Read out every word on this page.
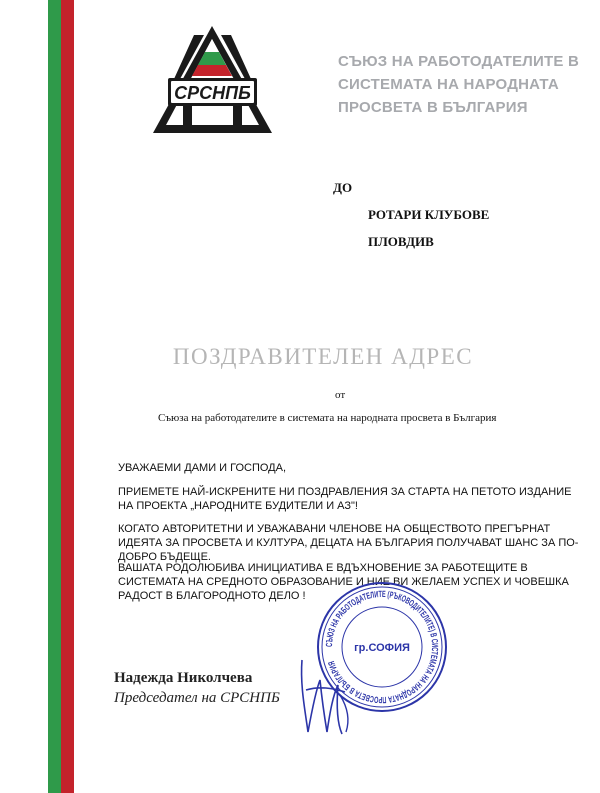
СРСНПБ
СЪЮЗ НА РАБОТОДАТЕЛИТЕ В СИСТЕМАТА НА НАРОДНАТА ПРОСВЕТА В БЪЛГАРИЯ
ДО
РОТАРИ КЛУБОВЕ
ПЛОВДИВ
ПОЗДРАВИТЕЛЕН АДРЕС
от
Съюза на работодателите в системата на народната просвета в България
УВАЖАЕМИ ДАМИ И ГОСПОДА,
ПРИЕМЕТЕ НАЙ-ИСКРЕНИТЕ НИ ПОЗДРАВЛЕНИЯ ЗА СТАРТА НА ПЕТОТО ИЗДАНИЕ НА ПРОЕКТА „НАРОДНИТЕ БУДИТЕЛИ И АЗ"!
КОГАТО АВТОРИТЕТНИ И УВАЖАВАНИ ЧЛЕНОВЕ НА ОБЩЕСТВОТО ПРЕГЪРНАТ ИДЕЯТА ЗА ПРОСВЕТА И КУЛТУРА, ДЕЦАТА НА БЪЛГАРИЯ ПОЛУЧАВАТ ШАНС ЗА ПО-ДОБРО БЪДЕЩЕ.
ВАШАТА РОДОЛЮБИВА ИНИЦИАТИВА Е ВДЪХНОВЕНИЕ ЗА РАБОТЕЩИТЕ В СИСТЕМАТА НА СРЕДНОТО ОБРАЗОВАНИЕ И НИЕ ВИ ЖЕЛАЕМ УСПЕХ И ЧОВЕШКА РАДОСТ В БЛАГОРОДНОТО ДЕЛО !
СЪЮЗ НА РАБОТОДАТЕЛИТЕ (РЪКОВОДИТЕЛИТЕ) В СИСТЕМАТА НА НАРОДНАТА ПРОСВЕТА В БЪЛГАРИЯ
гр.СОФИЯ
Надежда Николчева
Председател на СРСНПБ
